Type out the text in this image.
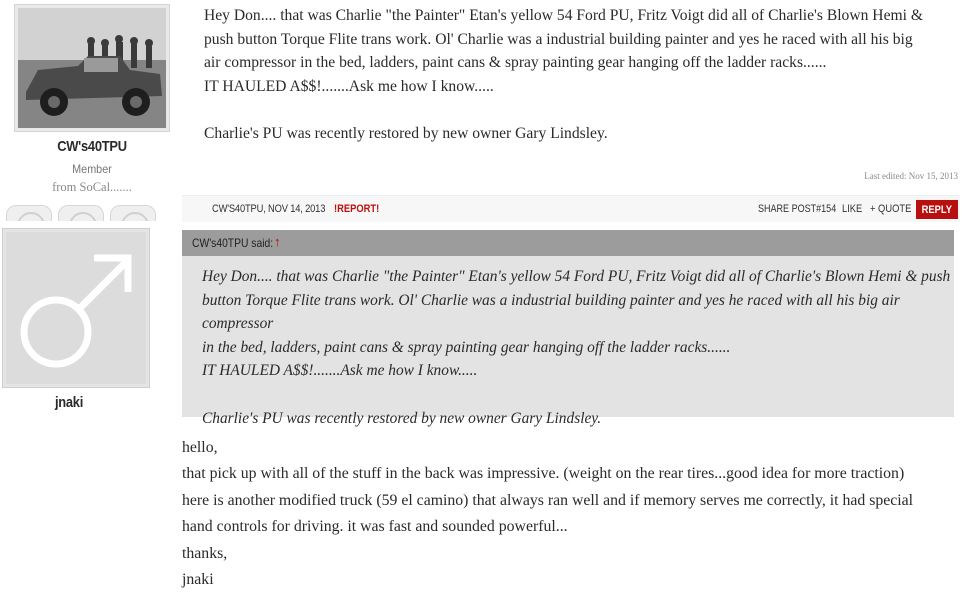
CW's40TPU
Member
from SoCal.......

Hey Don.... that was Charlie "the Painter" Etan's yellow 54 Ford PU, Fritz Voigt did all of Charlie's Blown Hemi &

push button Torque Flite trans work. Ol' Charlie was a industrial building painter and yes he raced with all his big

air compressor in the bed, ladders, paint cans & spray painting gear hanging off the ladder racks......

IT HAULED A$$!.......Ask me how I know.....

Charlie's PU was recently restored by new owner Gary Lindsley.

Last edited: Nov 15, 2013
CW'S40TPU, NOV 14, 2013 !REPORT!	SHARE POST#154 LIKE + QUOTE REPLY
jnaki
CW's40TPU said: ↑

Hey Don.... that was Charlie "the Painter" Etan's yellow 54 Ford PU, Fritz Voigt did all of Charlie's Blown Hemi & push

button Torque Flite trans work. Ol' Charlie was a industrial building painter and yes he raced with all his big air compressor

in the bed, ladders, paint cans & spray painting gear hanging off the ladder racks......

IT HAULED A$$!.......Ask me how I know.....

Charlie's PU was recently restored by new owner Gary Lindsley.

hello,

that pick up with all of the stuff in the back was impressive. (weight on the rear tires...good idea for more traction)

here is another modified truck (59 el camino) that always ran well and if memory serves me correctly, it had special

hand controls for driving. it was fast and sounded powerful...

thanks,

jnaki
